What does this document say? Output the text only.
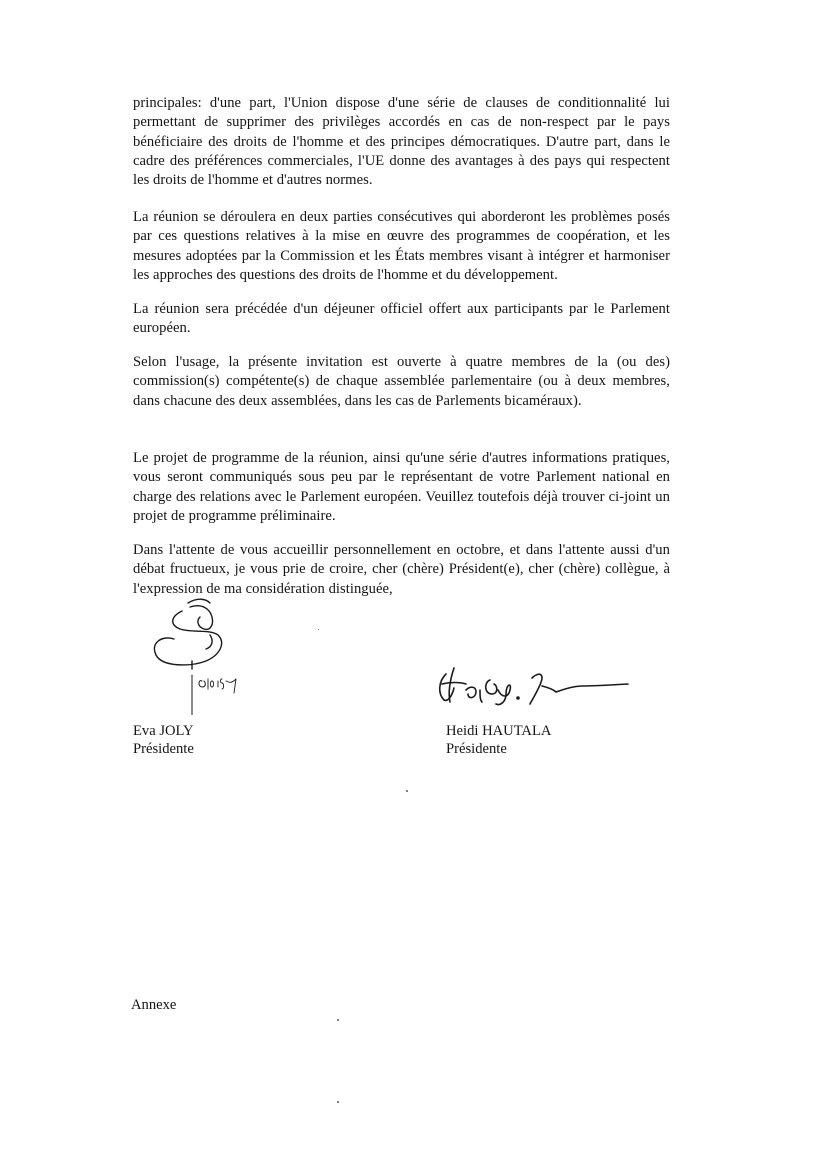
principales: d'une part, l'Union dispose d'une série de clauses de conditionnalité lui permettant de supprimer des privilèges accordés en cas de non-respect par le pays bénéficiaire des droits de l'homme et des principes démocratiques. D'autre part, dans le cadre des préférences commerciales, l'UE donne des avantages à des pays qui respectent les droits de l'homme et d'autres normes.

La réunion se déroulera en deux parties consécutives qui aborderont les problèmes posés par ces questions relatives à la mise en œuvre des programmes de coopération, et les mesures adoptées par la Commission et les États membres visant à intégrer et harmoniser les approches des questions des droits de l'homme et du développement.

La réunion sera précédée d'un déjeuner officiel offert aux participants par le Parlement européen.

Selon l'usage, la présente invitation est ouverte à quatre membres de la (ou des) commission(s) compétente(s) de chaque assemblée parlementaire (ou à deux membres, dans chacune des deux assemblées, dans les cas de Parlements bicaméraux).

Le projet de programme de la réunion, ainsi qu'une série d'autres informations pratiques, vous seront communiqués sous peu par le représentant de votre Parlement national en charge des relations avec le Parlement européen. Veuillez toutefois déjà trouver ci-joint un projet de programme préliminaire.

Dans l'attente de vous accueillir personnellement en octobre, et dans l'attente aussi d'un débat fructueux, je vous prie de croire, cher (chère) Président(e), cher (chère) collègue, à l'expression de ma considération distinguée,

Eva JOLY

Présidente

Heidi HAUTALA

Présidente

Annexe
